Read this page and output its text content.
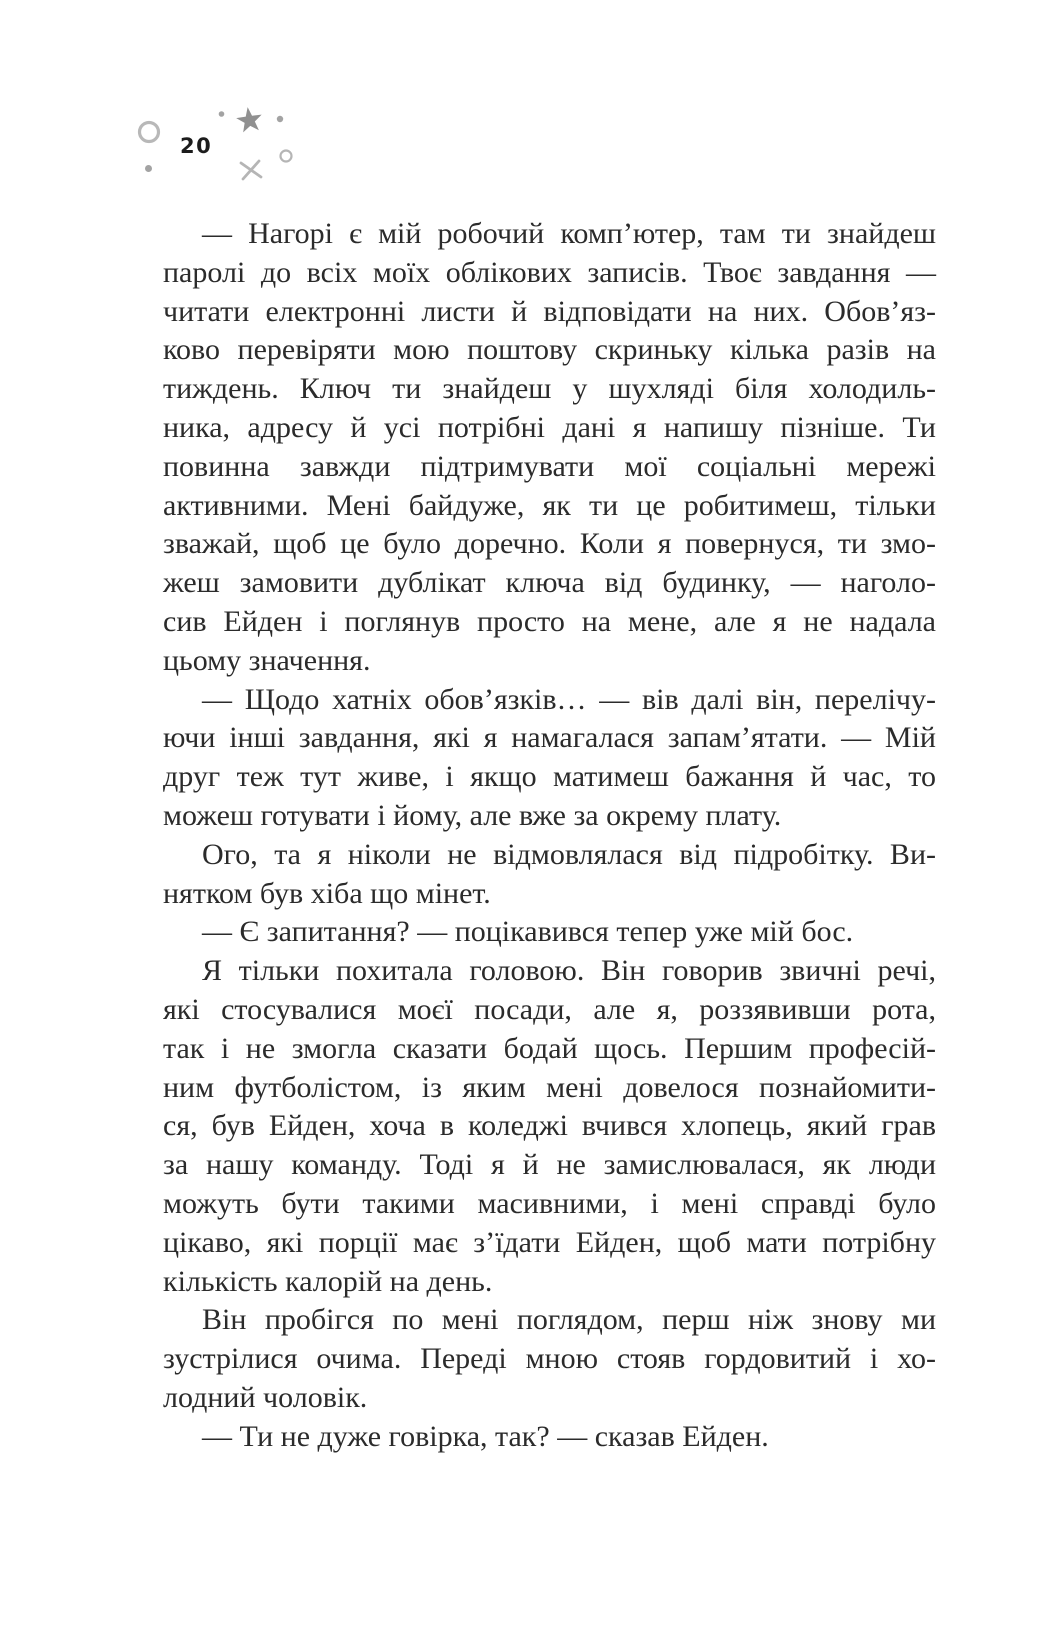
20
— Нагорі є мій робочий комп’ютер, там ти знайдеш
паролі до всіх моїх облікових записів. Твоє завдання —
читати електронні листи й відповідати на них. Обов’яз-
ково перевіряти мою поштову скриньку кілька разів на
тиждень. Ключ ти знайдеш у шухляді біля холодиль-
ника, адресу й усі потрібні дані я напишу пізніше. Ти
повинна завжди підтримувати мої соціальні мережі
активними. Мені байдуже, як ти це робитимеш, тільки
зважай, щоб це було доречно. Коли я повернуся, ти змо-
жеш замовити дублікат ключа від будинку, — наголо-
сив Ейден і поглянув просто на мене, але я не надала
цьому значення.
— Щодо хатніх обов’язків… — вів далі він, перелічу-
ючи інші завдання, які я намагалася запам’ятати. — Мій
друг теж тут живе, і якщо матимеш бажання й час, то
можеш готувати і йому, але вже за окрему плату.
Ого, та я ніколи не відмовлялася від підробітку. Ви-
нятком був хіба що мінет.
— Є запитання? — поцікавився тепер уже мій бос.
Я тільки похитала головою. Він говорив звичні речі,
які стосувалися моєї посади, але я, роззявивши рота,
так і не змогла сказати бодай щось. Першим професій-
ним футболістом, із яким мені довелося познайомити-
ся, був Ейден, хоча в коледжі вчився хлопець, який грав
за нашу команду. Тоді я й не замислювалася, як люди
можуть бути такими масивними, і мені справді було
цікаво, які порції має з’їдати Ейден, щоб мати потрібну
кількість калорій на день.
Він пробігся по мені поглядом, перш ніж знову ми
зустрілися очима. Переді мною стояв гордовитий і хо-
лодний чоловік.
— Ти не дуже говірка, так? — сказав Ейден.
